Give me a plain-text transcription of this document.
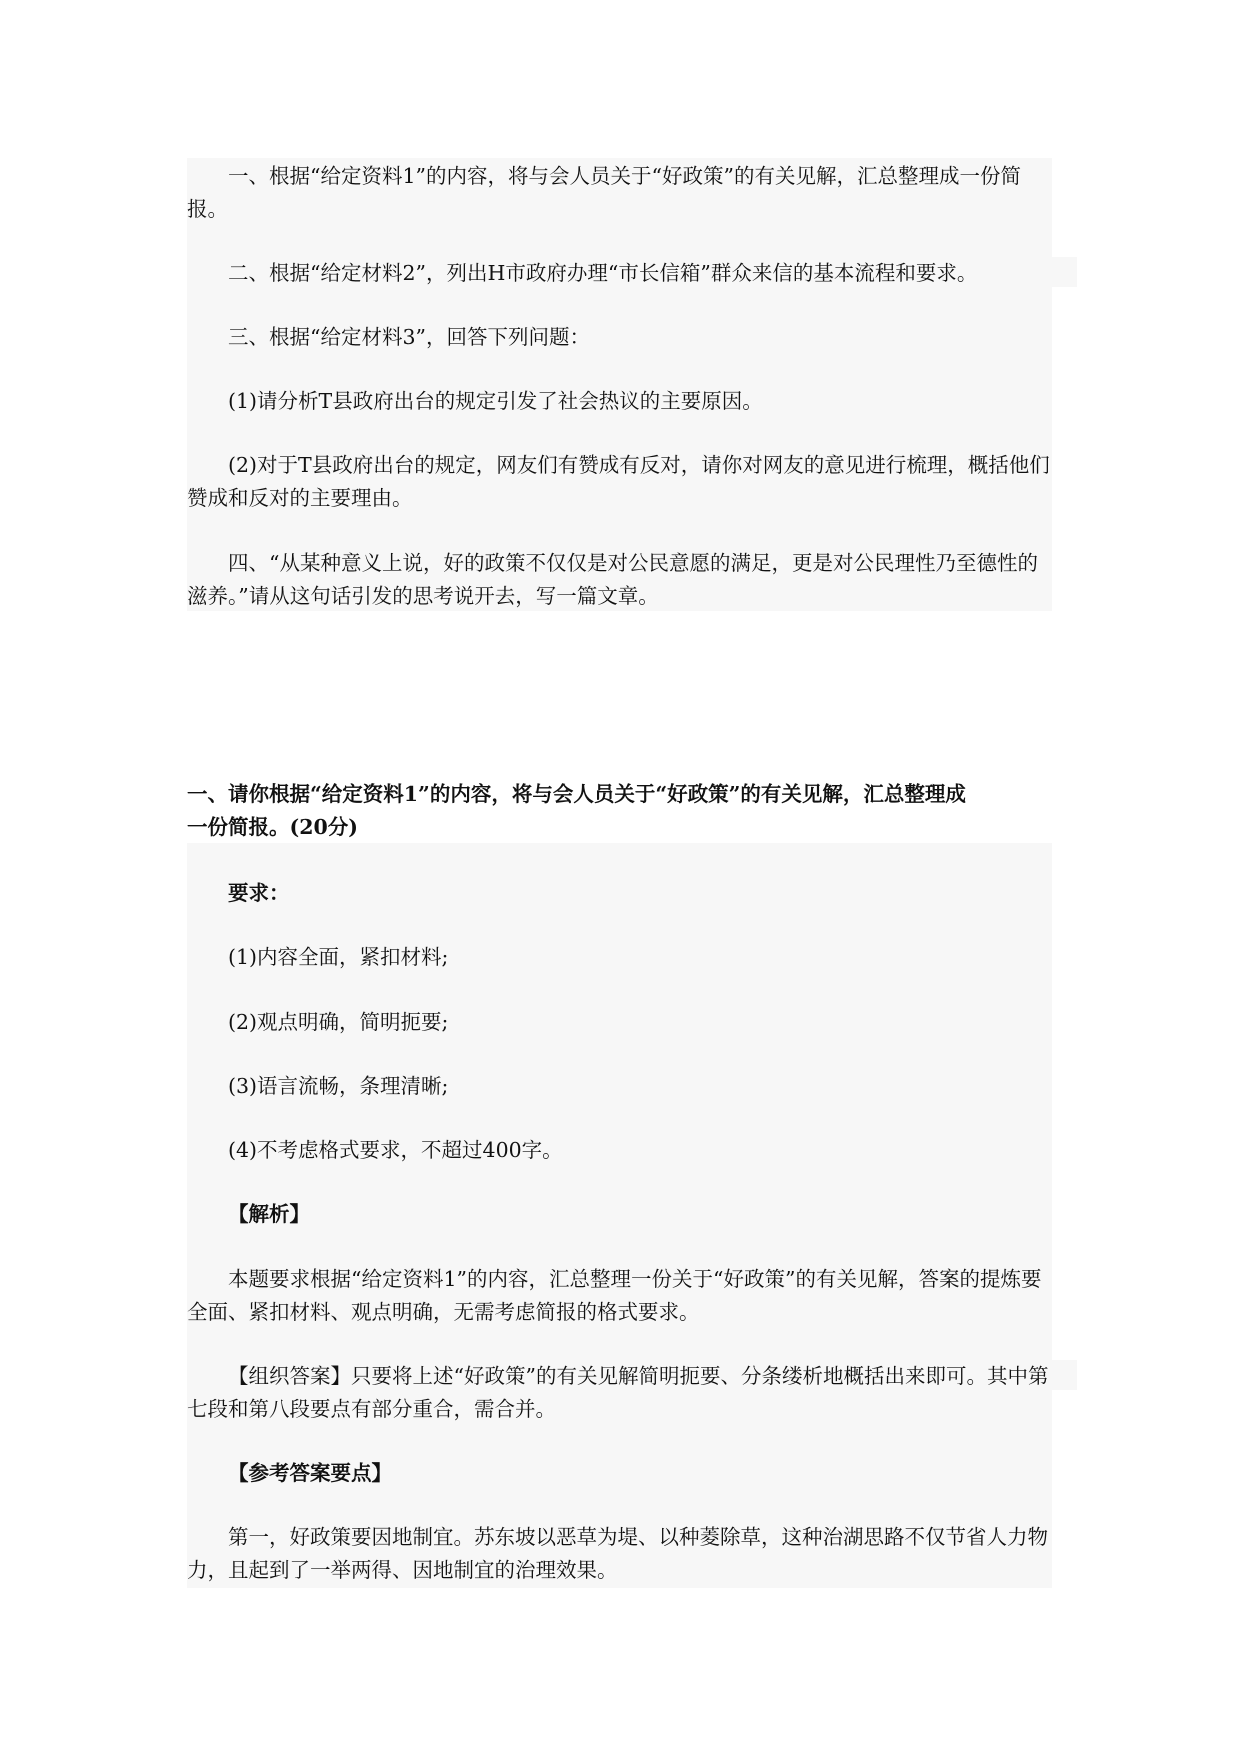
一、根据“给定资料1”的内容，将与会人员关于“好政策”的有关见解，汇总整理成一份简报。

二、根据“给定材料2”，列出H市政府办理“市长信箱”群众来信的基本流程和要求。

三、根据“给定材料3”，回答下列问题：

(1)请分析T县政府出台的规定引发了社会热议的主要原因。

(2)对于T县政府出台的规定，网友们有赞成有反对，请你对网友的意见进行梳理，概括他们赞成和反对的主要理由。

四、“从某种意义上说，好的政策不仅仅是对公民意愿的满足，更是对公民理性乃至德性的滋养。”请从这句话引发的思考说开去，写一篇文章。

一、请你根据“给定资料1”的内容，将与会人员关于“好政策”的有关见解，汇总整理成

一份简报。(20分)

要求：

(1)内容全面，紧扣材料;

(2)观点明确，简明扼要;

(3)语言流畅，条理清晰;

(4)不考虑格式要求，不超过400字。

【解析】

本题要求根据“给定资料1”的内容，汇总整理一份关于“好政策”的有关见解，答案的提炼要全面、紧扣材料、观点明确，无需考虑简报的格式要求。

【组织答案】只要将上述“好政策”的有关见解简明扼要、分条缕析地概括出来即可。其中第七段和第八段要点有部分重合，需合并。

【参考答案要点】

第一，好政策要因地制宜。苏东坡以恶草为堤、以种菱除草，这种治湖思路不仅节省人力物力，且起到了一举两得、因地制宜的治理效果。
